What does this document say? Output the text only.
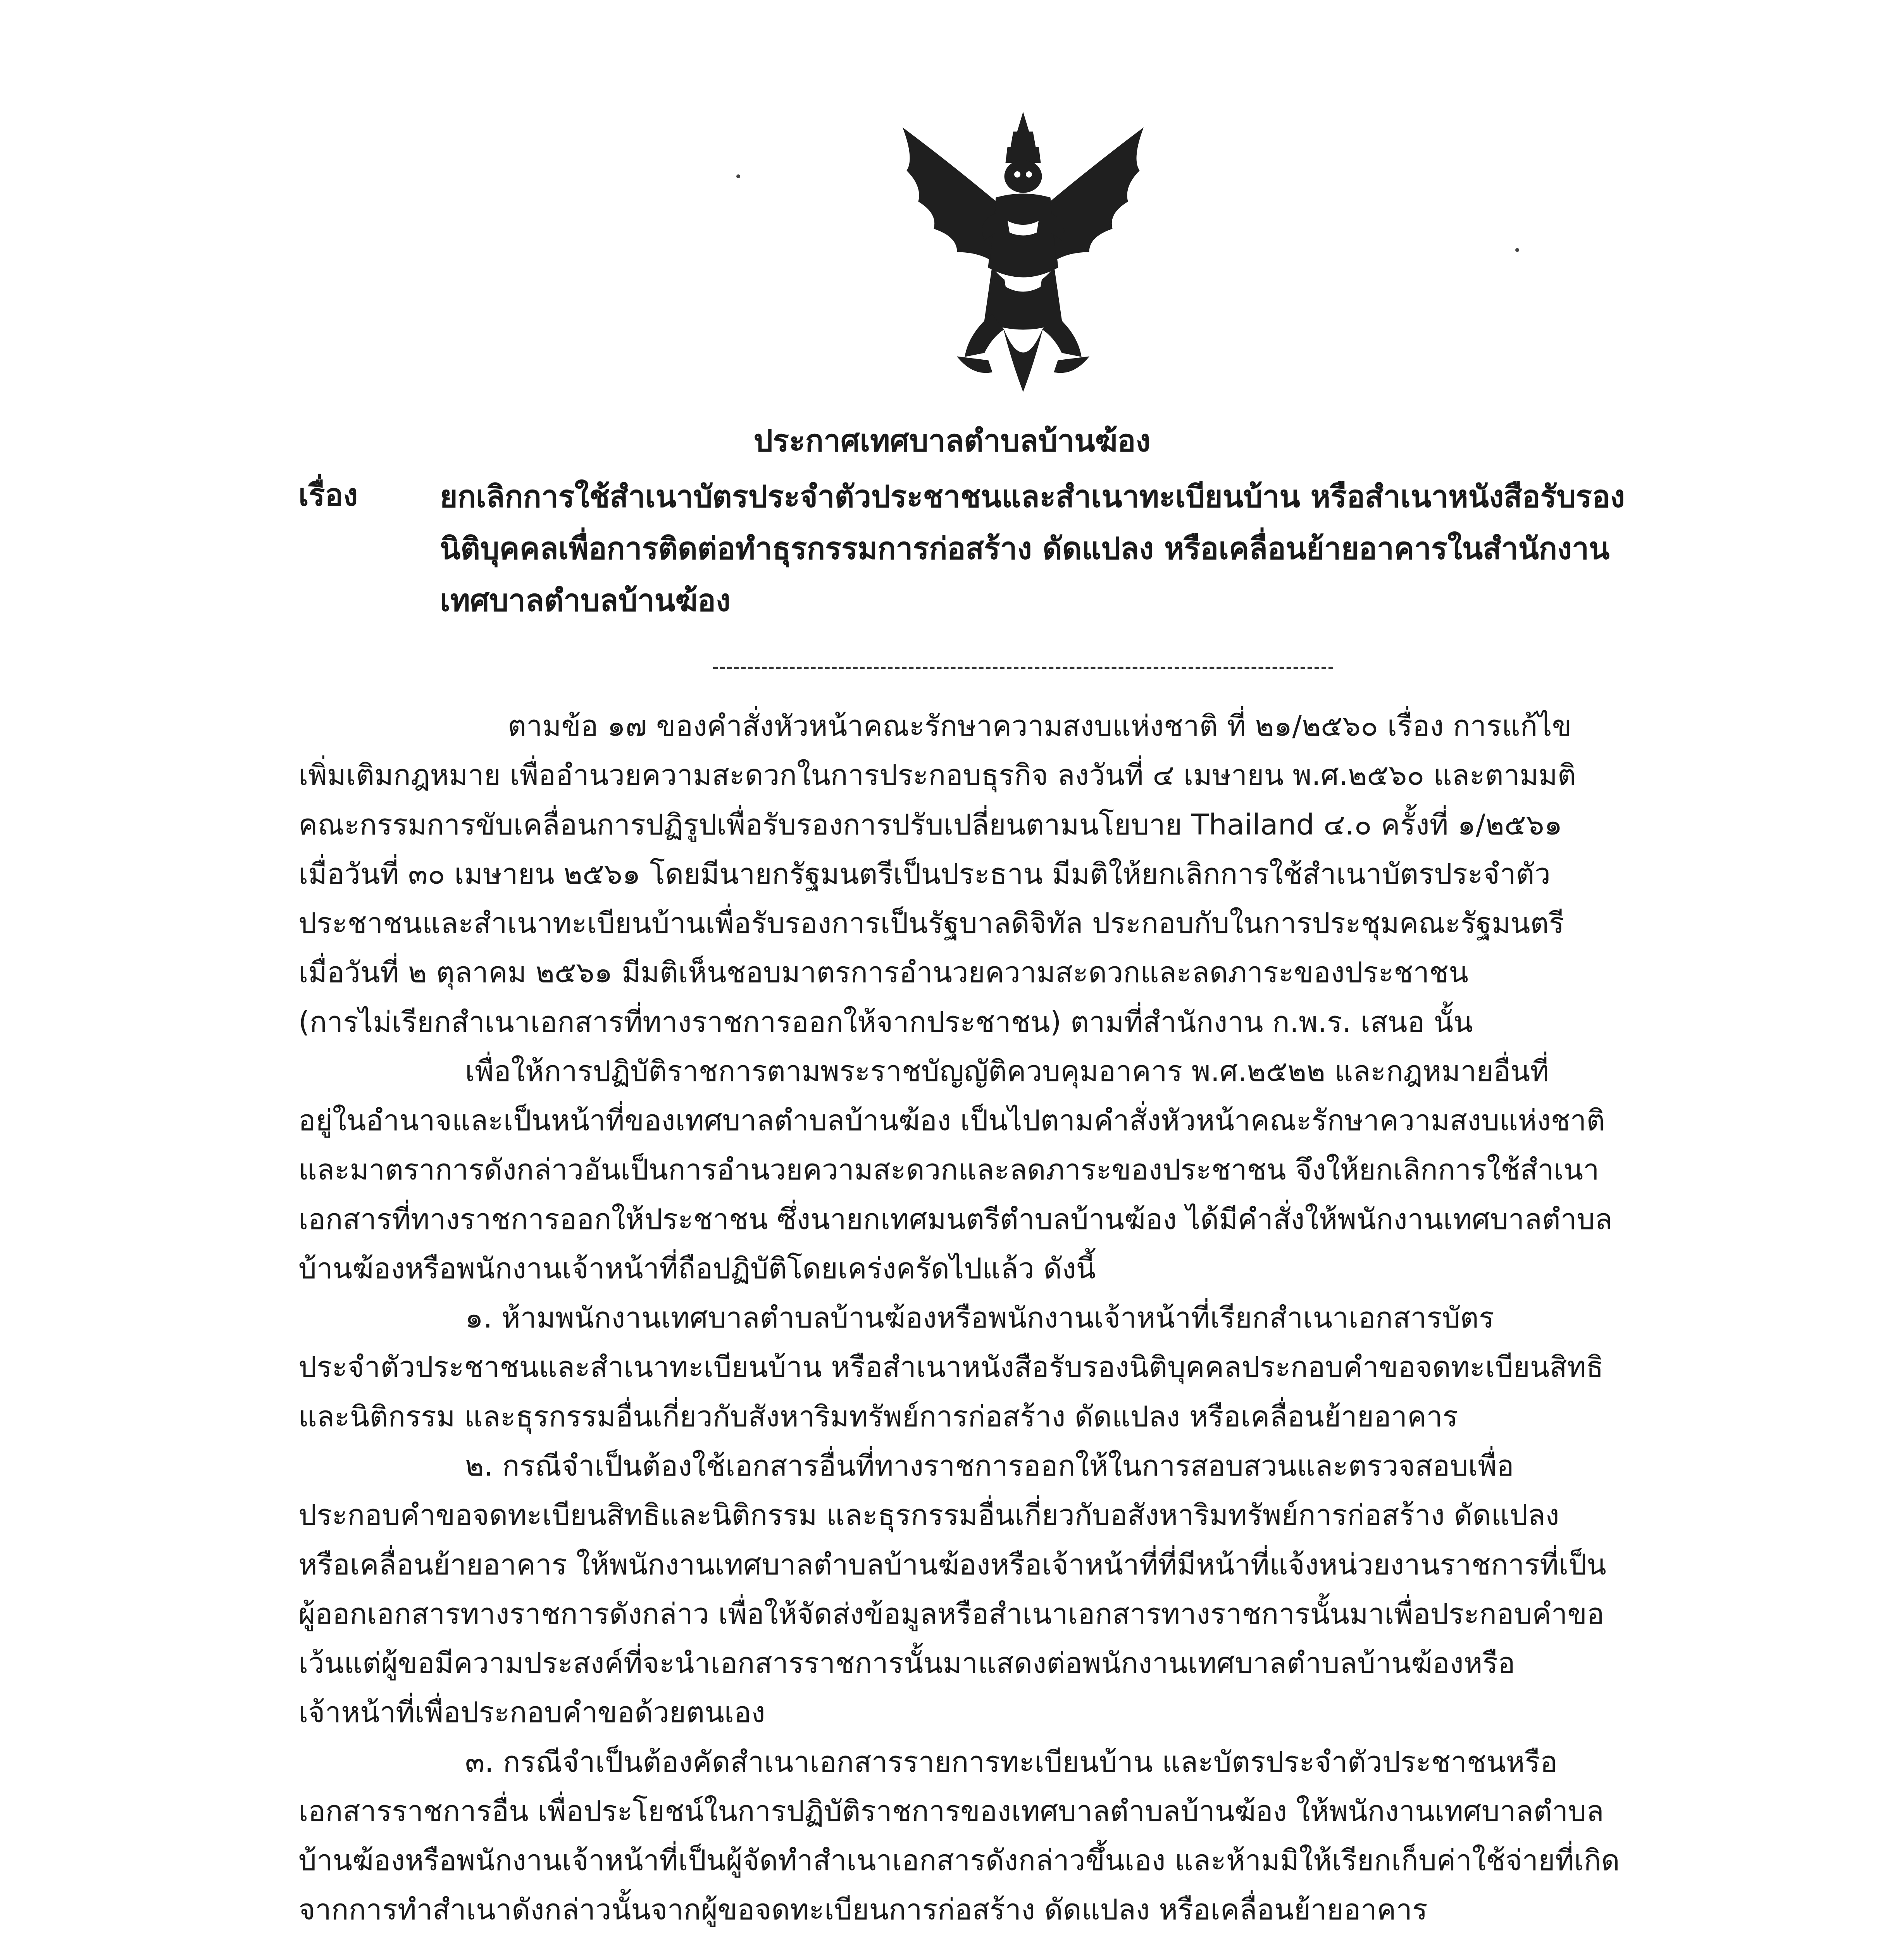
ประกาศเทศบาลตำบลบ้านฆ้อง
เรื่อง	ยกเลิกการใช้สำเนาบัตรประจำตัวประชาชนและสำเนาทะเบียนบ้าน หรือสำเนาหนังสือรับรอง
นิติบุคคลเพื่อการติดต่อทำธุรกรรมการก่อสร้าง ดัดแปลง หรือเคลื่อนย้ายอาคารในสำนักงาน
เทศบาลตำบลบ้านฆ้อง

ตามข้อ ๑๗ ของคำสั่งหัวหน้าคณะรักษาความสงบแห่งชาติ ที่ ๒๑/๒๕๖๐ เรื่อง การแก้ไข
เพิ่มเติมกฎหมาย เพื่ออำนวยความสะดวกในการประกอบธุรกิจ ลงวันที่ ๔ เมษายน พ.ศ.๒๕๖๐ และตามมติ
คณะกรรมการขับเคลื่อนการปฏิรูปเพื่อรับรองการปรับเปลี่ยนตามนโยบาย Thailand ๔.๐ ครั้งที่ ๑/๒๕๖๑
เมื่อวันที่ ๓๐ เมษายน ๒๕๖๑ โดยมีนายกรัฐมนตรีเป็นประธาน มีมติให้ยกเลิกการใช้สำเนาบัตรประจำตัว
ประชาชนและสำเนาทะเบียนบ้านเพื่อรับรองการเป็นรัฐบาลดิจิทัล ประกอบกับในการประชุมคณะรัฐมนตรี
เมื่อวันที่ ๒ ตุลาคม ๒๕๖๑ มีมติเห็นชอบมาตรการอำนวยความสะดวกและลดภาระของประชาชน
(การไม่เรียกสำเนาเอกสารที่ทางราชการออกให้จากประชาชน) ตามที่สำนักงาน ก.พ.ร. เสนอ นั้น

เพื่อให้การปฏิบัติราชการตามพระราชบัญญัติควบคุมอาคาร พ.ศ.๒๕๒๒ และกฎหมายอื่นที่
อยู่ในอำนาจและเป็นหน้าที่ของเทศบาลตำบลบ้านฆ้อง เป็นไปตามคำสั่งหัวหน้าคณะรักษาความสงบแห่งชาติ
และมาตราการดังกล่าวอันเป็นการอำนวยความสะดวกและลดภาระของประชาชน จึงให้ยกเลิกการใช้สำเนา
เอกสารที่ทางราชการออกให้ประชาชน ซึ่งนายกเทศมนตรีตำบลบ้านฆ้อง ได้มีคำสั่งให้พนักงานเทศบาลตำบล
บ้านฆ้องหรือพนักงานเจ้าหน้าที่ถือปฏิบัติโดยเคร่งครัดไปแล้ว ดังนี้

๑. ห้ามพนักงานเทศบาลตำบลบ้านฆ้องหรือพนักงานเจ้าหน้าที่เรียกสำเนาเอกสารบัตร
ประจำตัวประชาชนและสำเนาทะเบียนบ้าน หรือสำเนาหนังสือรับรองนิติบุคคลประกอบคำขอจดทะเบียนสิทธิ
และนิติกรรม และธุรกรรมอื่นเกี่ยวกับสังหาริมทรัพย์การก่อสร้าง ดัดแปลง หรือเคลื่อนย้ายอาคาร

๒. กรณีจำเป็นต้องใช้เอกสารอื่นที่ทางราชการออกให้ในการสอบสวนและตรวจสอบเพื่อ
ประกอบคำขอจดทะเบียนสิทธิและนิติกรรม และธุรกรรมอื่นเกี่ยวกับอสังหาริมทรัพย์การก่อสร้าง ดัดแปลง
หรือเคลื่อนย้ายอาคาร ให้พนักงานเทศบาลตำบลบ้านฆ้องหรือเจ้าหน้าที่ที่มีหน้าที่แจ้งหน่วยงานราชการที่เป็น
ผู้ออกเอกสารทางราชการดังกล่าว เพื่อให้จัดส่งข้อมูลหรือสำเนาเอกสารทางราชการนั้นมาเพื่อประกอบคำขอ
เว้นแต่ผู้ขอมีความประสงค์ที่จะนำเอกสารราชการนั้นมาแสดงต่อพนักงานเทศบาลตำบลบ้านฆ้องหรือ
เจ้าหน้าที่เพื่อประกอบคำขอด้วยตนเอง

๓. กรณีจำเป็นต้องคัดสำเนาเอกสารรายการทะเบียนบ้าน และบัตรประจำตัวประชาชนหรือ
เอกสารราชการอื่น เพื่อประโยชน์ในการปฏิบัติราชการของเทศบาลตำบลบ้านฆ้อง ให้พนักงานเทศบาลตำบล
บ้านฆ้องหรือพนักงานเจ้าหน้าที่เป็นผู้จัดทำสำเนาเอกสารดังกล่าวขึ้นเอง และห้ามมิให้เรียกเก็บค่าใช้จ่ายที่เกิด
จากการทำสำเนาดังกล่าวนั้นจากผู้ขอจดทะเบียนการก่อสร้าง ดัดแปลง หรือเคลื่อนย้ายอาคาร
